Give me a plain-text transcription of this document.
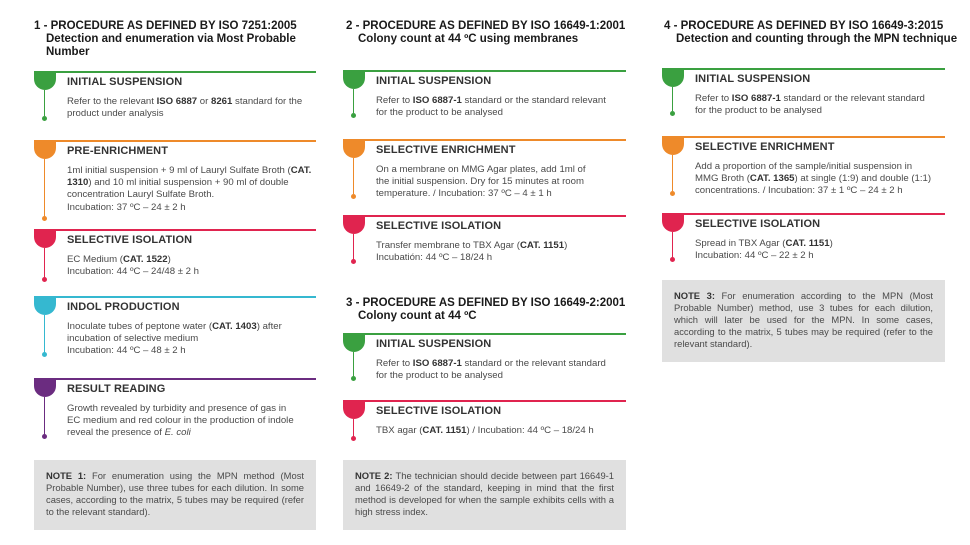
1 - PROCEDURE AS DEFINED BY ISO 7251:2005
Detection and enumeration via Most Probable
Number
INITIAL SUSPENSION
Refer to the relevant ISO 6887 or 8261 standard for the
product under analysis
PRE-ENRICHMENT
1ml initial suspension + 9 ml of Lauryl Sulfate Broth (CAT.
1310) and 10 ml initial suspension + 90 ml of double
concentration Lauryl Sulfate Broth.
Incubation: 37 ºC – 24 ± 2 h
SELECTIVE ISOLATION
EC Medium (CAT. 1522)
Incubation: 44 ºC – 24/48 ± 2 h
INDOL PRODUCTION
Inoculate tubes of peptone water (CAT. 1403) after
incubation of selective medium
Incubation: 44 ºC – 48 ± 2 h
RESULT READING
Growth revealed by turbidity and presence of gas in
EC medium and red colour in the production of indole
reveal the presence of E. coli
NOTE 1: For enumeration using the MPN method (Most Probable Number), use three tubes for each dilution. In some cases, according to the matrix, 5 tubes may be required (refer to the relevant standard).
2 - PROCEDURE AS DEFINED BY ISO 16649-1:2001
Colony count at 44 ºC using membranes
INITIAL SUSPENSION
Refer to ISO 6887-1 standard or the standard relevant
for the product to be analysed
SELECTIVE ENRICHMENT
On a membrane on MMG Agar plates, add 1ml of
the initial suspension. Dry for 15 minutes at room
temperature. / Incubation: 37 ºC – 4 ± 1 h
SELECTIVE ISOLATION
Transfer membrane to TBX Agar (CAT. 1151)
Incubatión: 44 ºC – 18/24 h
3 - PROCEDURE AS DEFINED BY ISO 16649-2:2001
Colony count at 44 ºC
INITIAL SUSPENSION
Refer to ISO 6887-1 standard or the relevant standard
for the product to be analysed
SELECTIVE ISOLATION
TBX agar (CAT. 1151) / Incubation: 44 ºC – 18/24 h
NOTE 2: The technician should decide between part 16649-1 and 16649-2 of the standard, keeping in mind that the first method is developed for when the sample exhibits cells with a high stress index.
4 - PROCEDURE AS DEFINED BY ISO 16649-3:2015
Detection and counting through the MPN technique
INITIAL SUSPENSION
Refer to ISO 6887-1 standard or the relevant standard
for the product to be analysed
SELECTIVE ENRICHMENT
Add a proportion of the sample/initial suspension in
MMG Broth (CAT. 1365) at single (1:9) and double (1:1)
concentrations. / Incubation: 37 ± 1 ºC – 24 ± 2 h
SELECTIVE ISOLATION
Spread in TBX Agar (CAT. 1151)
Incubation: 44 ºC – 22 ± 2 h
NOTE 3: For enumeration according to the MPN (Most Probable Number) method, use 3 tubes for each dilution, which will later be used for the MPN. In some cases, according to the matrix, 5 tubes may be required (refer to the relevant standard).
